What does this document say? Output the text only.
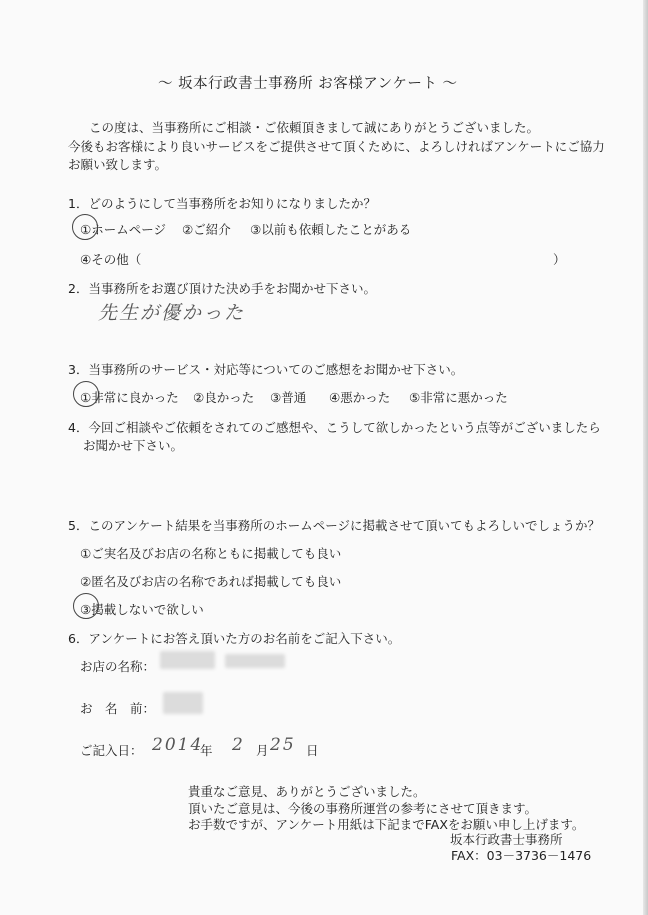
〜 坂本行政書士事務所 お客様アンケート 〜
この度は、当事務所にご相談・ご依頼頂きまして誠にありがとうございました。
今後もお客様により良いサービスをご提供させて頂くために、よろしければアンケートにご協力
お願い致します。
1．どのようにして当事務所をお知りになりましたか？
①ホームページ ②ご紹介 ③以前も依頼したことがある
④その他（	）
2．当事務所をお選び頂けた決め手をお聞かせ下さい。
先生が優かった
3．当事務所のサービス・対応等についてのご感想をお聞かせ下さい。
①非常に良かった ②良かった ③普通 ④悪かった ⑤非常に悪かった
4．今回ご相談やご依頼をされてのご感想や、こうして欲しかったという点等がございましたら
お聞かせ下さい。
5．このアンケート結果を当事務所のホームページに掲載させて頂いてもよろしいでしょうか？
①ご実名及びお店の名称ともに掲載しても良い
②匿名及びお店の名称であれば掲載しても良い
③掲載しないで欲しい
6．アンケートにお答え頂いた方のお名前をご記入下さい。
お店の名称：
お　名　前：
ご記入日： 2014
年 2 月 25 日
貴重なご意見、ありがとうございました。
頂いたご意見は、今後の事務所運営の参考にさせて頂きます。
お手数ですが、アンケート用紙は下記までFAXをお願い申し上げます。
坂本行政書士事務所
FAX：03－3736－1476
